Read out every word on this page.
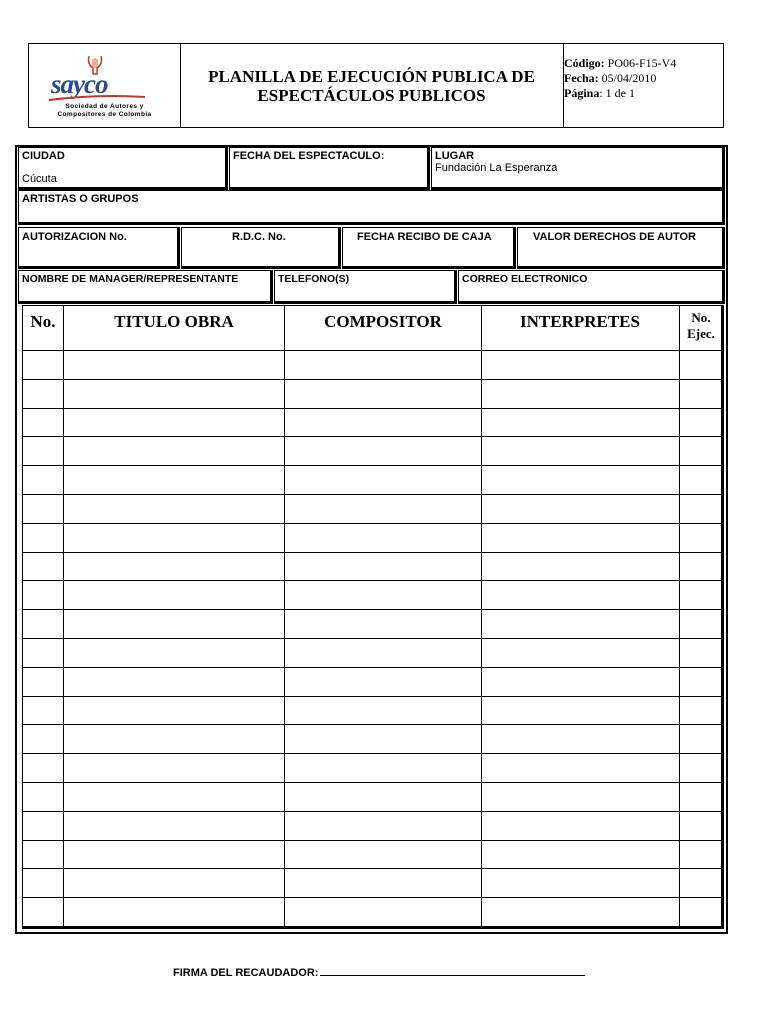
sayco
Sociedad de Autores y
Compositores de Colombia
PLANILLA DE EJECUCIÓN PUBLICA DE
ESPECTÁCULOS PUBLICOS
Código: PO06-F15-V4
Fecha: 05/04/2010
Página: 1 de 1
CIUDAD
Cúcuta
FECHA DEL ESPECTACULO:	LUGAR
Fundación La Esperanza
ARTISTAS O GRUPOS
AUTORIZACION No.	R.D.C. No.	FECHA RECIBO DE CAJA	VALOR DERECHOS DE AUTOR
NOMBRE DE MANAGER/REPRESENTANTE	TELEFONO(S)	CORREO ELECTRONICO
No.	TITULO OBRA	COMPOSITOR	INTERPRETES	No.
Ejec.
FIRMA DEL RECAUDADOR:
